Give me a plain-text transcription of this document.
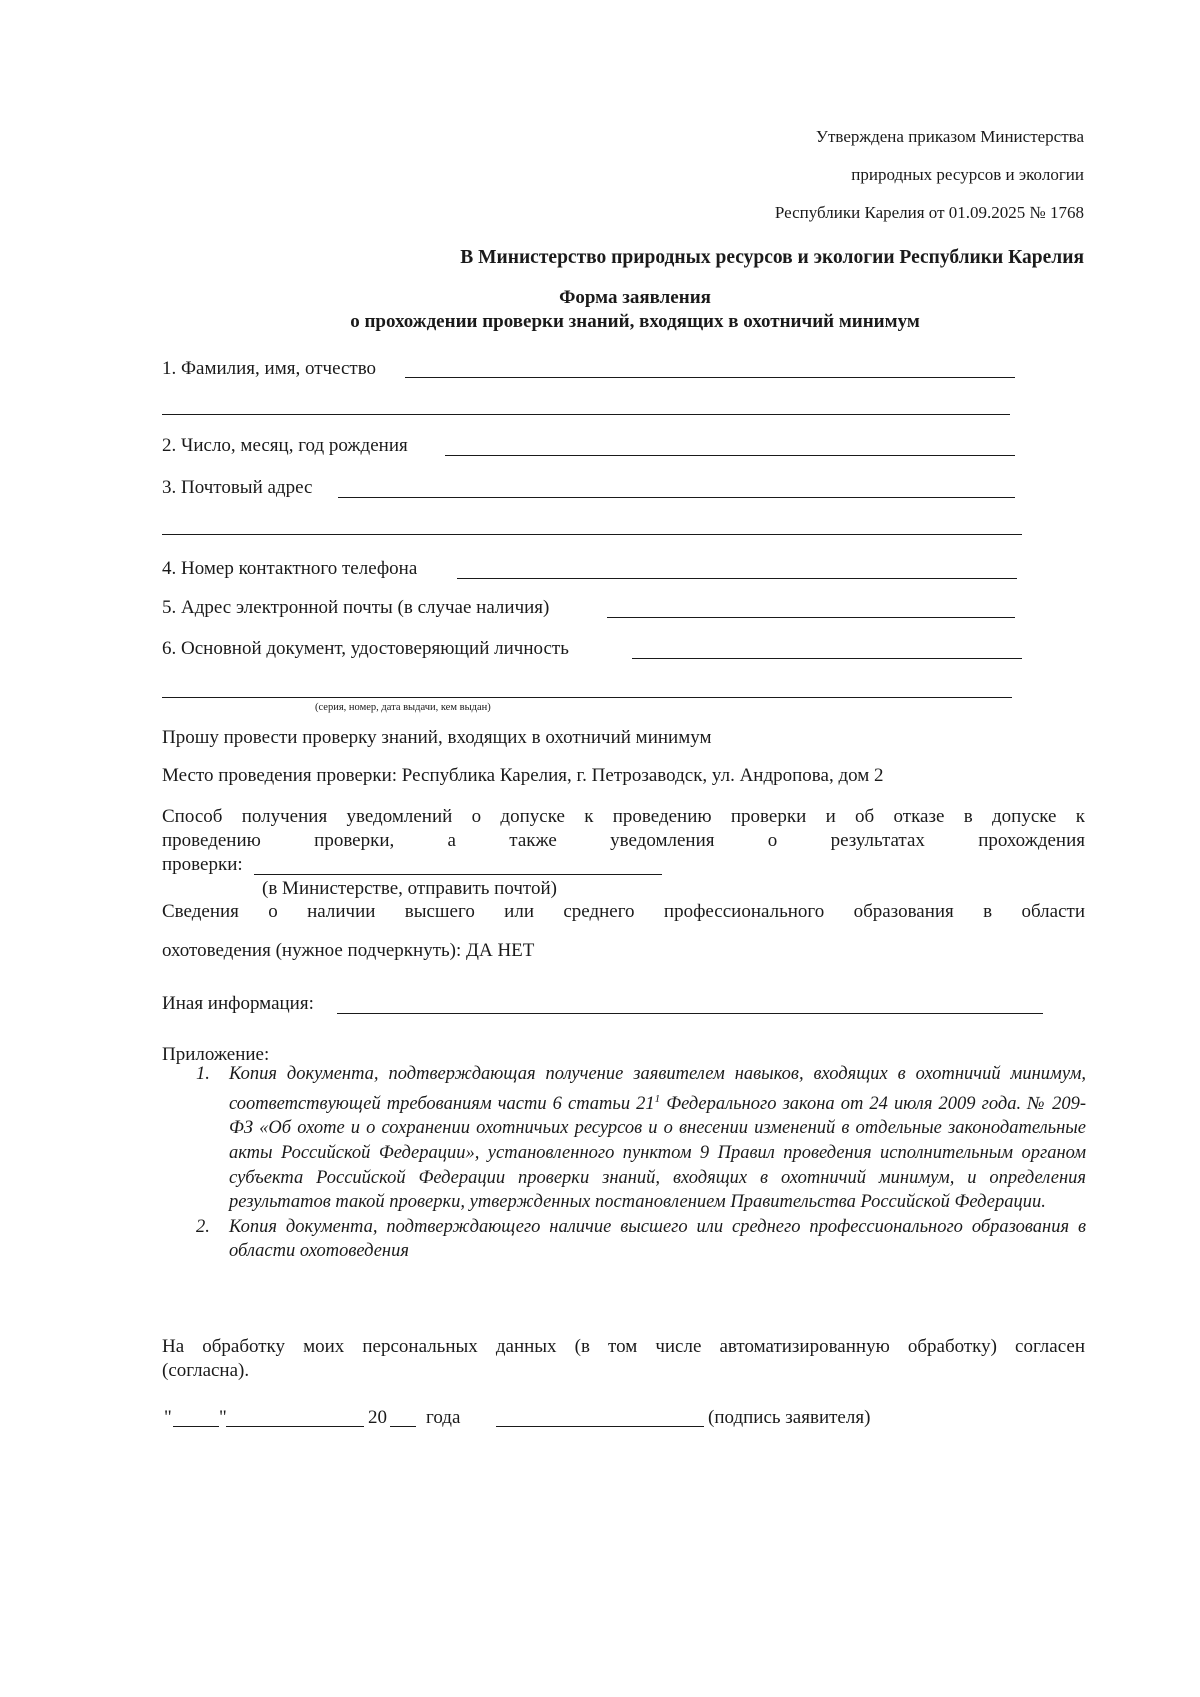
Утверждена приказом Министерства
природных ресурсов и экологии
Республики Карелия от 01.09.2025 № 1768
В Министерство природных ресурсов и экологии Республики Карелия
Форма заявления
о прохождении проверки знаний, входящих в охотничий минимум
1. Фамилия, имя, отчество
2. Число, месяц, год рождения
3. Почтовый адрес
4. Номер контактного телефона
5. Адрес электронной почты (в случае наличия)
6. Основной документ, удостоверяющий личность
(серия, номер, дата выдачи, кем выдан)
Прошу провести проверку знаний, входящих в охотничий минимум
Место проведения проверки: Республика Карелия, г. Петрозаводск, ул. Андропова, дом 2
Способ получения уведомлений о допуске к проведению проверки и об отказе в допуске к
проведению проверки, а также уведомления о результатах прохождения
проверки:
(в Министерстве, отправить почтой)
Сведения о наличии высшего или среднего профессионального образования в области
охотоведения (нужное подчеркнуть): ДА НЕТ
Иная информация:
Приложение:
1. Копия документа, подтверждающая получение заявителем навыков, входящих в охотничий минимум, соответствующей требованиям части 6 статьи $21^1$ Федерального закона от 24 июля 2009 года. № 209-ФЗ «Об охоте и о сохранении охотничьих ресурсов и о внесении изменений в отдельные законодательные акты Российской Федерации», установленного пунктом 9 Правил проведения исполнительным органом субъекта Российской Федерации проверки знаний, входящих в охотничий минимум, и определения результатов такой проверки, утвержденных постановлением Правительства Российской Федерации.
2. Копия документа, подтверждающего наличие высшего или среднего профессионального образования в области охотоведения
На обработку моих персональных данных (в том числе автоматизированную обработку) согласен
(согласна).
" "	20 года	(подпись заявителя)
